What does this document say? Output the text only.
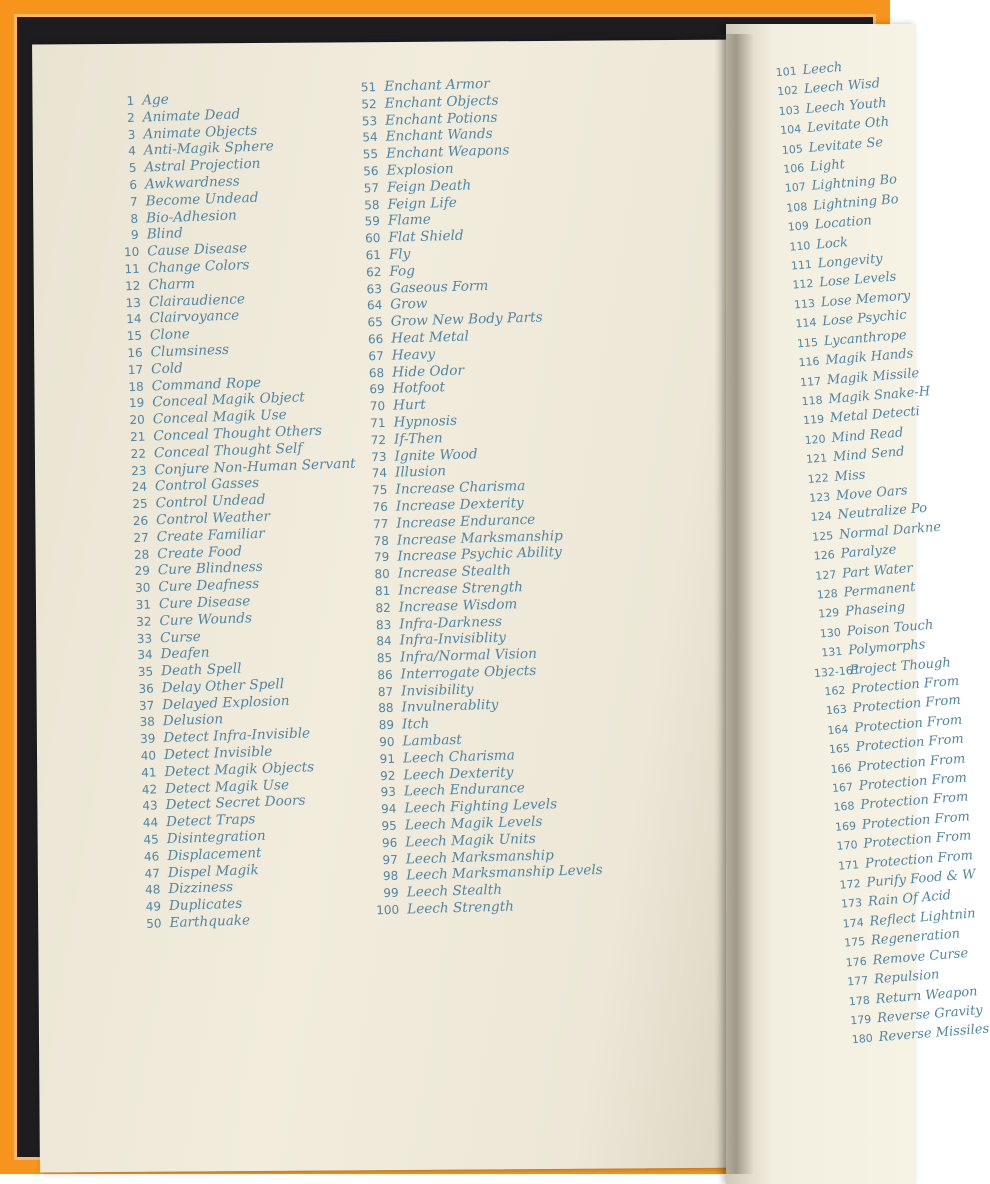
1 Age
2 Animate Dead
3 Animate Objects
4 Anti-Magik Sphere
5 Astral Projection
6 Awkwardness
7 Become Undead
8 Bio-Adhesion
9 Blind
10 Cause Disease
11 Change Colors
12 Charm
13 Clairaudience
14 Clairvoyance
15 Clone
16 Clumsiness
17 Cold
18 Command Rope
19 Conceal Magik Object
20 Conceal Magik Use
21 Conceal Thought Others
22 Conceal Thought Self
23 Conjure Non-Human Servant
24 Control Gasses
25 Control Undead
26 Control Weather
27 Create Familiar
28 Create Food
29 Cure Blindness
30 Cure Deafness
31 Cure Disease
32 Cure Wounds
33 Curse
34 Deafen
35 Death Spell
36 Delay Other Spell
37 Delayed Explosion
38 Delusion
39 Detect Infra-Invisible
40 Detect Invisible
41 Detect Magik Objects
42 Detect Magik Use
43 Detect Secret Doors
44 Detect Traps
45 Disintegration
46 Displacement
47 Dispel Magik
48 Dizziness
49 Duplicates
50 Earthquake
51 Enchant Armor
52 Enchant Objects
53 Enchant Potions
54 Enchant Wands
55 Enchant Weapons
56 Explosion
57 Feign Death
58 Feign Life
59 Flame
60 Flat Shield
61 Fly
62 Fog
63 Gaseous Form
64 Grow
65 Grow New Body Parts
66 Heat Metal
67 Heavy
68 Hide Odor
69 Hotfoot
70 Hurt
71 Hypnosis
72 If-Then
73 Ignite Wood
74 Illusion
75 Increase Charisma
76 Increase Dexterity
77 Increase Endurance
78 Increase Marksmanship
79 Increase Psychic Ability
80 Increase Stealth
81 Increase Strength
82 Increase Wisdom
83 Infra-Darkness
84 Infra-Invisiblity
85 Infra/Normal Vision
86 Interrogate Objects
87 Invisibility
88 Invulnerablity
89 Itch
90 Lambast
91 Leech Charisma
92 Leech Dexterity
93 Leech Endurance
94 Leech Fighting Levels
95 Leech Magik Levels
96 Leech Magik Units
97 Leech Marksmanship
98 Leech Marksmanship Levels
99 Leech Stealth
100 Leech Strength
101 Leech
102 Leech Wisd
103 Leech Youth
104 Levitate Oth
105 Levitate Se
106 Light
107 Lightning Bo
108 Lightning Bo
109 Location
110 Lock
111 Longevity
112 Lose Levels
113 Lose Memory
114 Lose Psychic
115 Lycanthrope
116 Magik Hands
117 Magik Missile
118 Magik Snake-H
119 Metal Detecti
120 Mind Read
121 Mind Send
122 Miss
123 Move Oars
124 Neutralize Po
125 Normal Darkne
126 Paralyze
127 Part Water
128 Permanent
129 Phaseing
130 Poison Touch
131 Polymorphs
132-161
Project Though
162 Protection From
163 Protection From
164 Protection From
165 Protection From
166 Protection From
167 Protection From
168 Protection From
169 Protection From
170 Protection From
171 Protection From
172 Purify Food & W
173 Rain Of Acid
174 Reflect Lightnin
175 Regeneration
176 Remove Curse
177 Repulsion
178 Return Weapon
179 Reverse Gravity
180 Reverse Missiles
